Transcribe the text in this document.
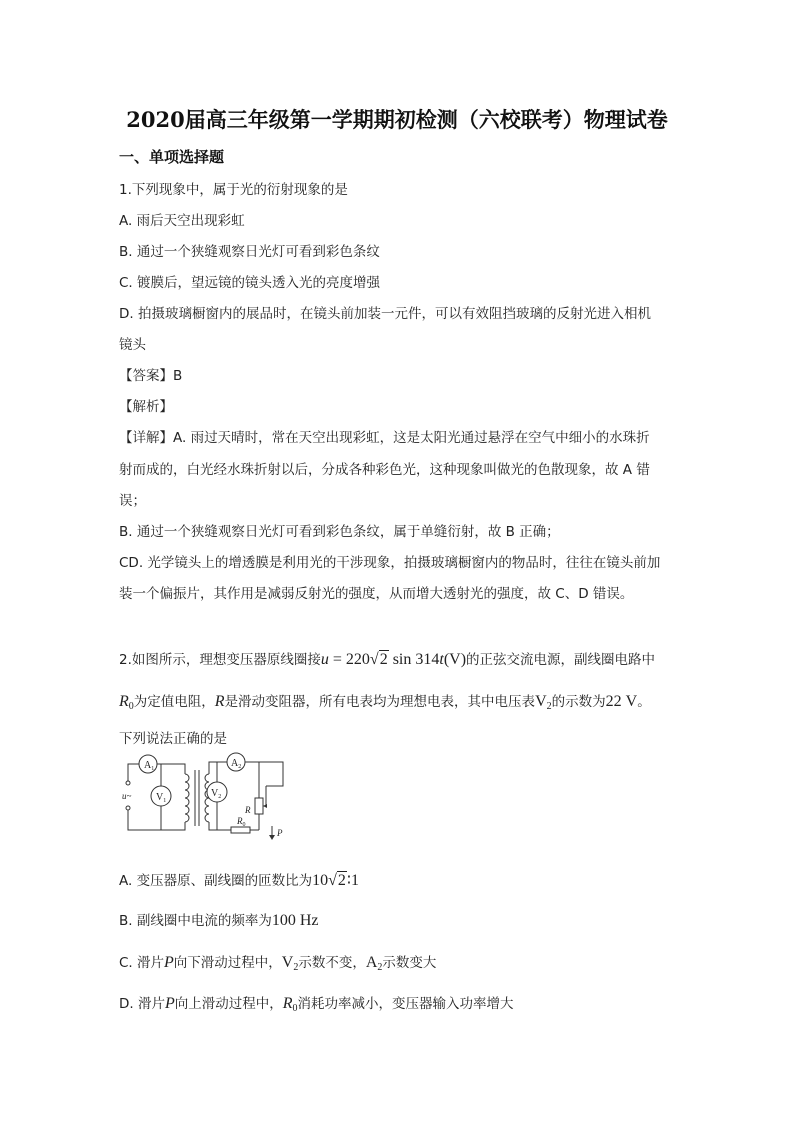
2020届高三年级第一学期期初检测（六校联考）物理试卷
一、单项选择题
1.下列现象中，属于光的衍射现象的是
A. 雨后天空出现彩虹
B. 通过一个狭缝观察日光灯可看到彩色条纹
C. 镀膜后，望远镜的镜头透入光的亮度增强
D. 拍摄玻璃橱窗内的展品时，在镜头前加装一元件，可以有效阻挡玻璃的反射光进入相机
镜头
【答案】B
【解析】
【详解】A. 雨过天晴时，常在天空出现彩虹，这是太阳光通过悬浮在空气中细小的水珠折
射而成的，白光经水珠折射以后，分成各种彩色光，这种现象叫做光的色散现象，故 A 错
误；
B. 通过一个狭缝观察日光灯可看到彩色条纹，属于单缝衍射，故 B 正确；
CD. 光学镜头上的增透膜是利用光的干涉现象，拍摄玻璃橱窗内的物品时，往往在镜头前加
装一个偏振片，其作用是减弱反射光的强度，从而增大透射光的强度，故 C、D 错误。
2.如图所示，理想变压器原线圈接u = 220√2 sin 314t(V)的正弦交流电源，副线圈电路中
$R_0$为定值电阻，R是滑动变阻器，所有电表均为理想电表，其中电压表$V_2$的示数为22 V。
下列说法正确的是
u~
$A_1$
$V_1$
$A_2$
$V_2$
R
P
$R_0$
A. 变压器原、副线圈的匝数比为10√2∶1
B. 副线圈中电流的频率为100 Hz
C. 滑片P向下滑动过程中，$V_2$示数不变，$A_2$示数变大
D. 滑片P向上滑动过程中，$R_0$消耗功率减小，变压器输入功率增大
